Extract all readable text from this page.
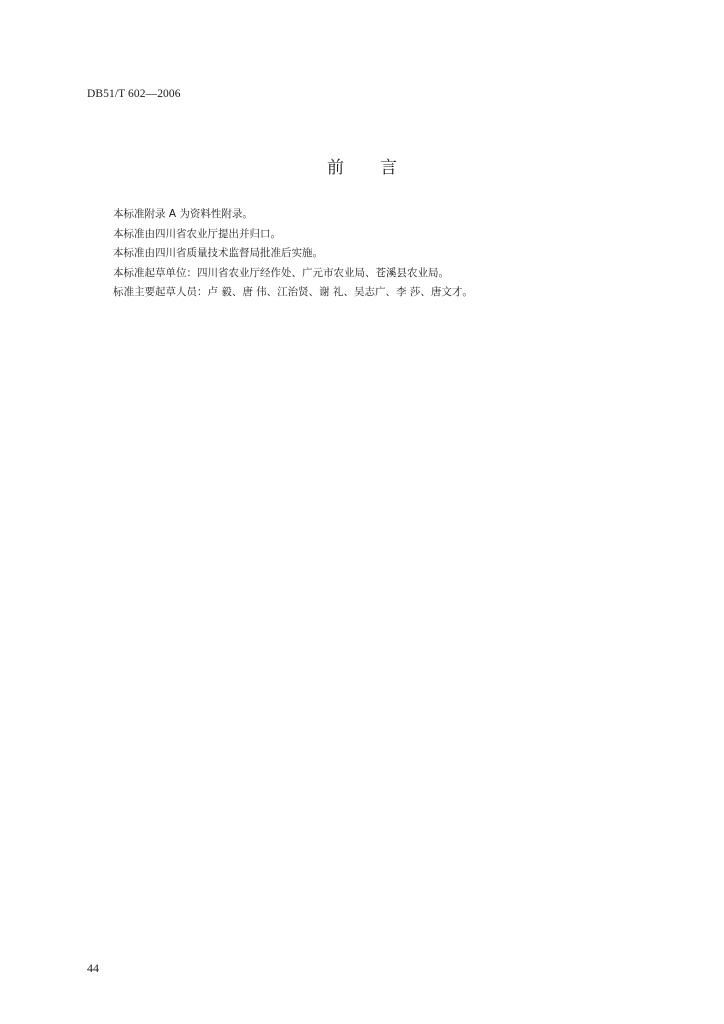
DB51/T 602—2006
前言
本标准附录 A 为资料性附录。
本标准由四川省农业厅提出并归口。
本标准由四川省质量技术监督局批准后实施。
本标准起草单位：四川省农业厅经作处、广元市农业局、苍溪县农业局。
标准主要起草人员：卢 毅、唐 伟、江治贤、谢 礼、吴志广、李 莎、唐文才。
44
